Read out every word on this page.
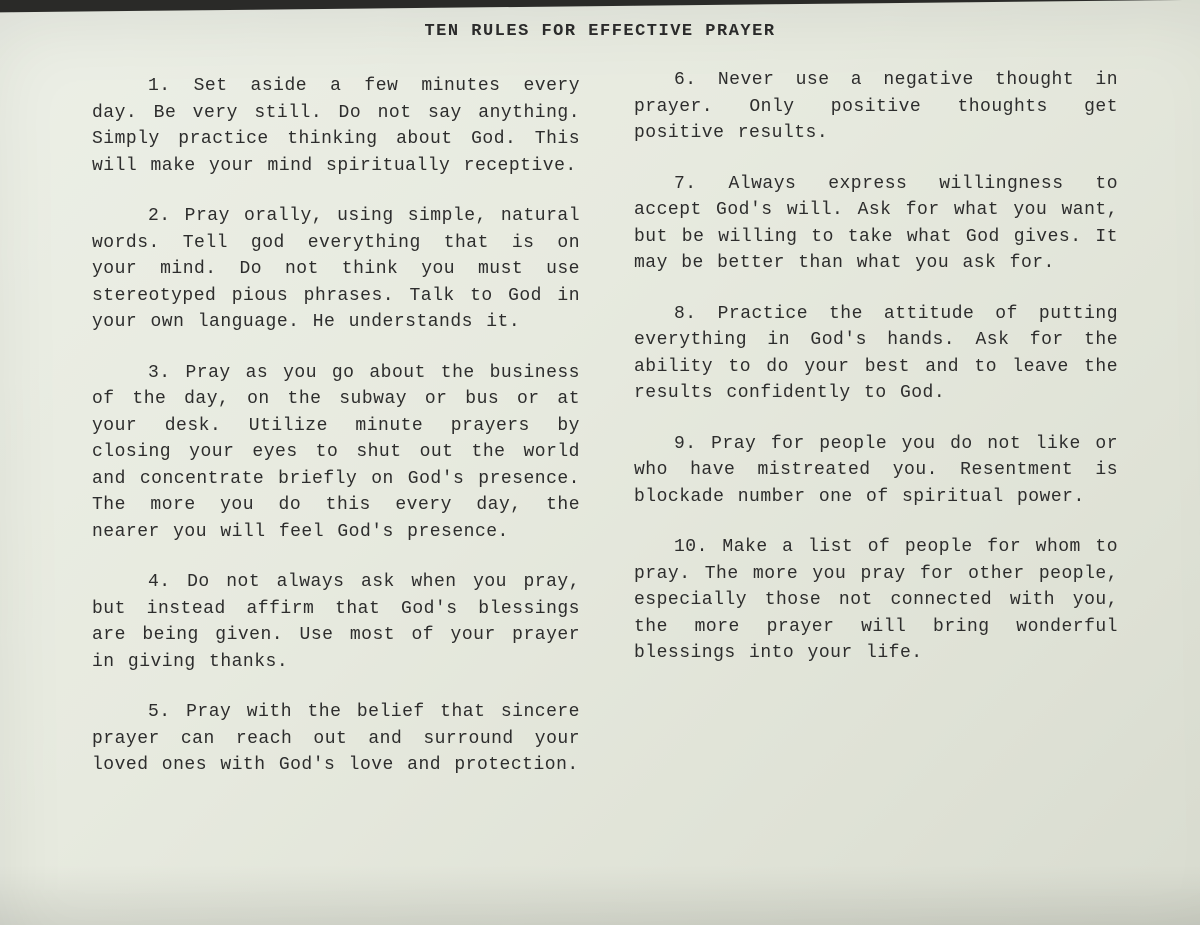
TEN RULES FOR EFFECTIVE PRAYER

1. Set aside a few minutes every day. Be very still. Do not say anything. Simply practice thinking about God. This will make your mind spiritually receptive.

2. Pray orally, using simple, natural words. Tell god everything that is on your mind. Do not think you must use stereotyped pious phrases. Talk to God in your own language. He understands it.

3. Pray as you go about the business of the day, on the subway or bus or at your desk. Utilize minute prayers by closing your eyes to shut out the world and concentrate briefly on God's presence. The more you do this every day, the nearer you will feel God's presence.

4. Do not always ask when you pray, but instead affirm that God's blessings are being given. Use most of your prayer in giving thanks.

5. Pray with the belief that sincere prayer can reach out and surround your loved ones with God's love and protection.

6. Never use a negative thought in prayer. Only positive thoughts get positive results.

7. Always express willingness to accept God's will. Ask for what you want, but be willing to take what God gives. It may be better than what you ask for.

8. Practice the attitude of putting everything in God's hands. Ask for the ability to do your best and to leave the results confidently to God.

9. Pray for people you do not like or who have mistreated you. Resentment is blockade number one of spiritual power.

10. Make a list of people for whom to pray. The more you pray for other people, especially those not connected with you, the more prayer will bring wonderful blessings into your life.
